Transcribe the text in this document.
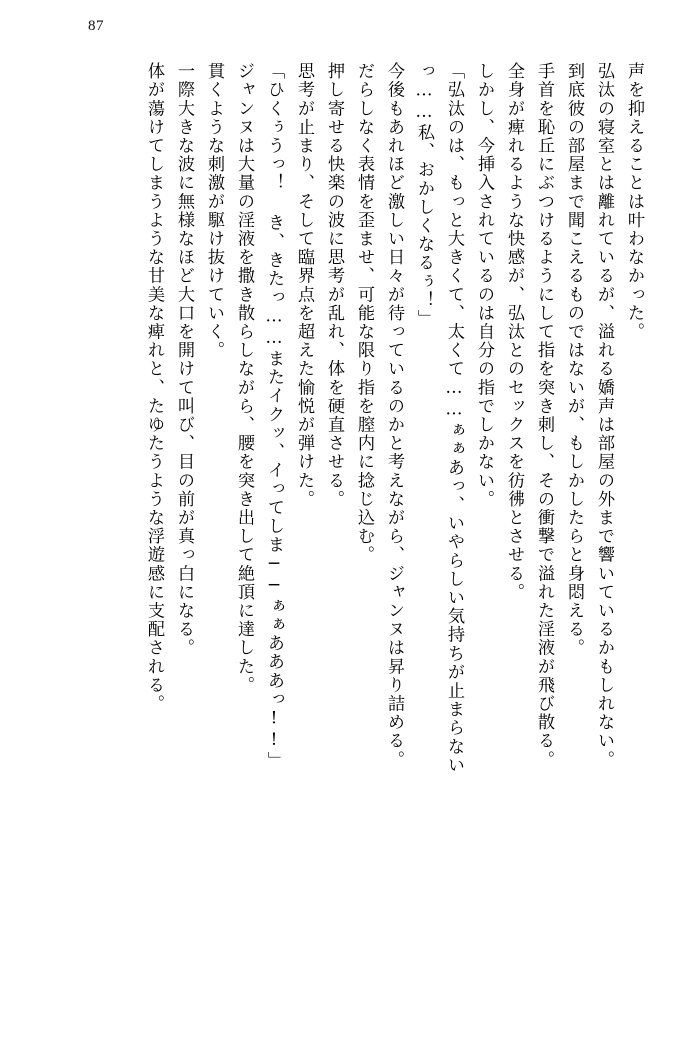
87
声を抑えることは叶わなかった。
弘汰の寝室とは離れているが、溢れる嬌声は部屋の外まで響いているかもしれない。
到底彼の部屋まで聞こえるものではないが、もしかしたらと身悶える。
手首を恥丘にぶつけるようにして指を突き刺し、その衝撃で溢れた淫液が飛び散る。
全身が痺れるような快感が、弘汰とのセックスを彷彿とさせる。
しかし、今挿入されているのは自分の指でしかない。
「弘汰のは、もっと大きくて、太くて……ぁぁあっ、いやらしい気持ちが止まらない
っ……私、おかしくなるぅ！」
今後もあれほど激しい日々が待っているのかと考えながら、ジャンヌは昇り詰める。
だらしなく表情を歪ませ、可能な限り指を膣内に捻じ込む。
押し寄せる快楽の波に思考が乱れ、体を硬直させる。
思考が止まり、そして臨界点を超えた愉悦が弾けた。
「ひくぅうっ！ き、きたっ……またイクッ、イってしま──ぁぁあああっ!!」
ジャンヌは大量の淫液を撒き散らしながら、腰を突き出して絶頂に達した。
貫くような刺激が駆け抜けていく。
一際大きな波に無様なほど大口を開けて叫び、目の前が真っ白になる。
体が蕩けてしまうような甘美な痺れと、たゆたうような浮遊感に支配される。
